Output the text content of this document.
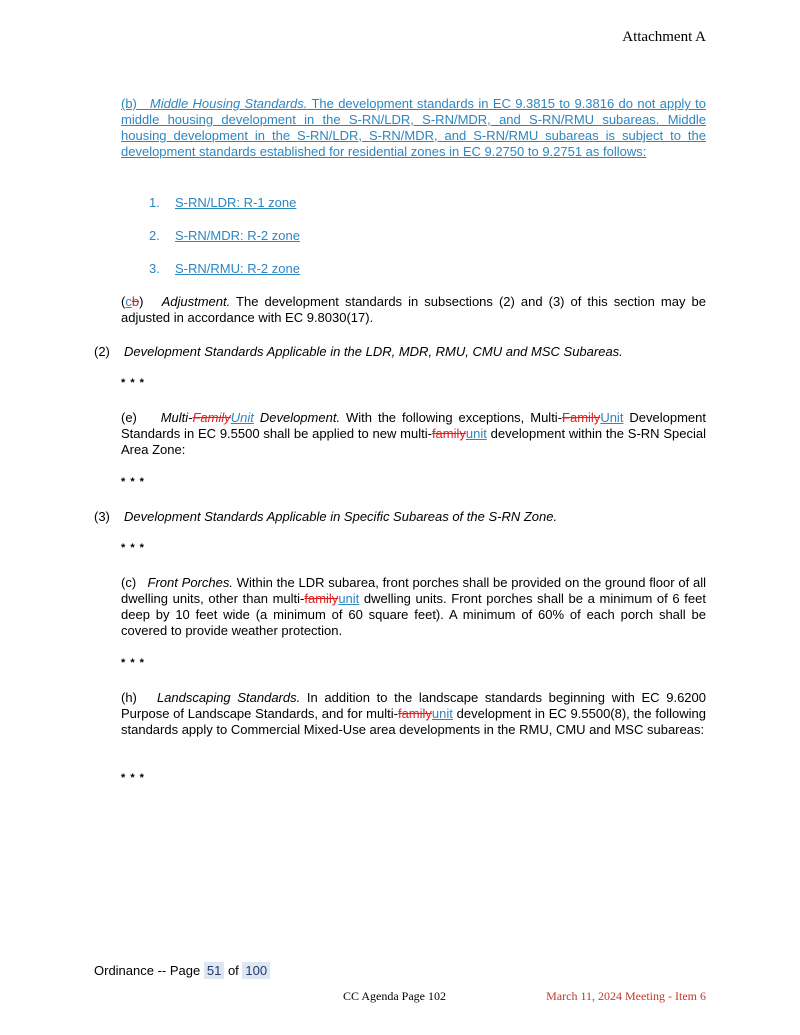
Attachment A
(b) Middle Housing Standards. The development standards in EC 9.3815 to 9.3816 do not apply to middle housing development in the S-RN/LDR, S-RN/MDR, and S-RN/RMU subareas. Middle housing development in the S-RN/LDR, S-RN/MDR, and S-RN/RMU subareas is subject to the development standards established for residential zones in EC 9.2750 to 9.2751 as follows:
1. S-RN/LDR: R-1 zone
2. S-RN/MDR: R-2 zone
3. S-RN/RMU: R-2 zone
(cb) Adjustment. The development standards in subsections (2) and (3) of this section may be adjusted in accordance with EC 9.8030(17).
(2) Development Standards Applicable in the LDR, MDR, RMU, CMU and MSC Subareas.
* * *
(e) Multi-FamilyUnit Development. With the following exceptions, Multi-FamilyUnit Development Standards in EC 9.5500 shall be applied to new multi-familyunit development within the S-RN Special Area Zone:
* * *
(3) Development Standards Applicable in Specific Subareas of the S-RN Zone.
* * *
(c) Front Porches. Within the LDR subarea, front porches shall be provided on the ground floor of all dwelling units, other than multi-familyunit dwelling units. Front porches shall be a minimum of 6 feet deep by 10 feet wide (a minimum of 60 square feet). A minimum of 60% of each porch shall be covered to provide weather protection.
* * *
(h) Landscaping Standards. In addition to the landscape standards beginning with EC 9.6200 Purpose of Landscape Standards, and for multi-familyunit development in EC 9.5500(8), the following standards apply to Commercial Mixed-Use area developments in the RMU, CMU and MSC subareas:
* * *
Ordinance -- Page 51 of 100
CC Agenda Page 102	March 11, 2024 Meeting - Item 6
